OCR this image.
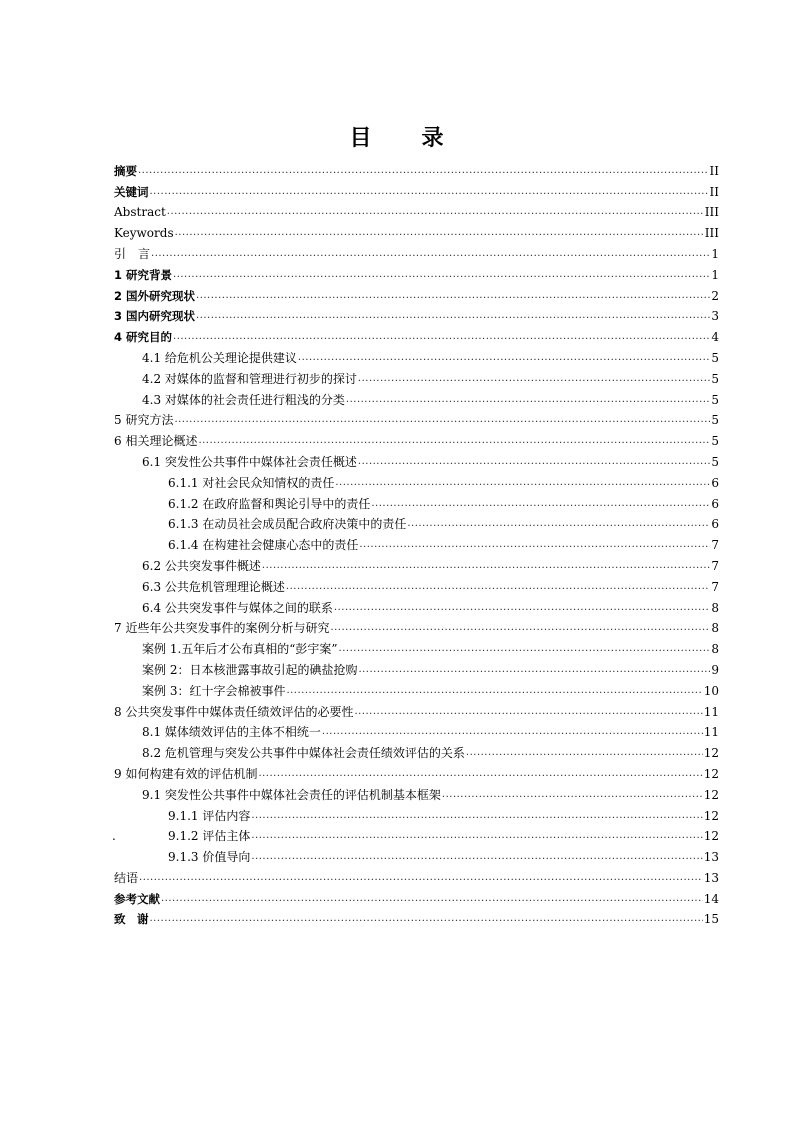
目 录
摘要 .....	II
关键词 .....	II
Abstract .....	III
Keywords .....	III
引　言 .....	1
1 研究背景 .....	1
2 国外研究现状 .....	2
3 国内研究现状 .....	3
4 研究目的 .....	4
4.1 给危机公关理论提供建议 .....	5
4.2 对媒体的监督和管理进行初步的探讨 .....	5
4.3 对媒体的社会责任进行粗浅的分类 .....	5
5 研究方法 .....	5
6 相关理论概述 .....	5
6.1 突发性公共事件中媒体社会责任概述 .....	5
6.1.1 对社会民众知情权的责任 .....	6
6.1.2 在政府监督和舆论引导中的责任 .....	6
6.1.3 在动员社会成员配合政府决策中的责任 .....	6
6.1.4 在构建社会健康心态中的责任 .....	7
6.2 公共突发事件概述 .....	7
6.3 公共危机管理理论概述 .....	7
6.4 公共突发事件与媒体之间的联系 .....	8
7 近些年公共突发事件的案例分析与研究 .....	8
案例 1.五年后才公布真相的“彭宇案” .....	8
案例 2：日本核泄露事故引起的碘盐抢购 .....	9
案例 3：红十字会棉被事件 .....	10
8 公共突发事件中媒体责任绩效评估的必要性 .....	11
8.1 媒体绩效评估的主体不相统一 .....	11
8.2 危机管理与突发公共事件中媒体社会责任绩效评估的关系 .....	12
9 如何构建有效的评估机制 .....	12
9.1 突发性公共事件中媒体社会责任的评估机制基本框架 .....	12
9.1.1 评估内容 .....	12
.	9.1.2 评估主体 .....	12
9.1.3 价值导向 .....	13
结语 .....	13
参考文献 .....	14
致　谢 .....	15
